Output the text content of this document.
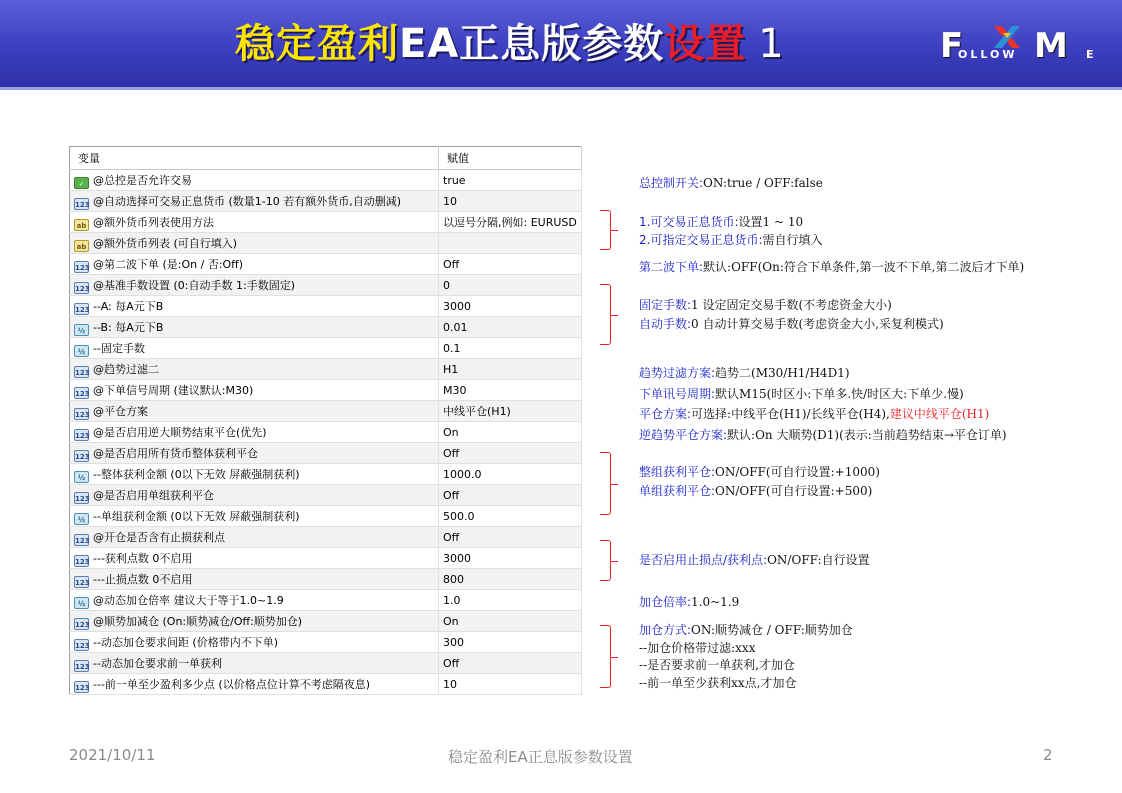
稳定盈利EA正息版参数设置 1	F M
OLLOW	E
变量	赋值
✓ @总控是否允许交易	true
123 @自动选择可交易正息货币 (数量1-10 若有额外货币,自动删减)	10
ab @额外货币列表使用方法	以逗号分隔,例如: EURUSD
ab @额外货币列表 (可自行填入)	
123 @第二波下单 (是:On / 否:Off)	Off
123 @基准手数设置 (0:自动手数 1:手数固定)	0
123 --A: 每A元下B	3000
½ --B: 每A元下B	0.01
½ --固定手数	0.1
123 @趋势过滤二	H1
123 @下单信号周期 (建议默认:M30)	M30
123 @平仓方案	中线平仓(H1)
123 @是否启用逆大顺势结束平仓(优先)	On
123 @是否启用所有货币整体获利平仓	Off
½ --整体获利金额 (0以下无效 屏蔽强制获利)	1000.0
123 @是否启用单组获利平仓	Off
½ --单组获利金额 (0以下无效 屏蔽强制获利)	500.0
123 @开仓是否含有止损获利点	Off
123 ---获利点数 0不启用	3000
123 ---止损点数 0不启用	800
½ @动态加仓倍率 建议大于等于1.0~1.9	1.0
123 @顺势加减仓 (On:顺势减仓/Off:顺势加仓)	On
123 --动态加仓要求间距 (价格带内不下单)	300
123 --动态加仓要求前一单获利	Off
123 ---前一单至少盈利多少点 (以价格点位计算不考虑隔夜息)	10
总控制开关:ON:true / OFF:false
1.可交易正息货币:设置1 ~ 10
2.可指定交易正息货币:需自行填入
第二波下单:默认:OFF(On:符合下单条件,第一波不下单,第二波后才下单)
固定手数:1 设定固定交易手数(不考虑资金大小)
自动手数:0 自动计算交易手数(考虑资金大小,采复利模式)
趋势过滤方案:趋势二(M30/H1/H4D1)
下单讯号周期:默认M15(时区小:下单多.快/时区大:下单少.慢)
平仓方案:可选择:中线平仓(H1)/长线平仓(H4),建议中线平仓(H1)
逆趋势平仓方案:默认:On 大顺势(D1)(表示:当前趋势结束→平仓订单)
整组获利平仓:ON/OFF(可自行设置:+1000)
单组获利平仓:ON/OFF(可自行设置:+500)
是否启用止损点/获利点:ON/OFF:自行设置
加仓倍率:1.0~1.9
加仓方式:ON:顺势减仓 / OFF:顺势加仓
--加仓价格带过滤:xxx
--是否要求前一单获利,才加仓
--前一单至少获利xx点,才加仓
2021/10/11	稳定盈利EA正息版参数设置	2
